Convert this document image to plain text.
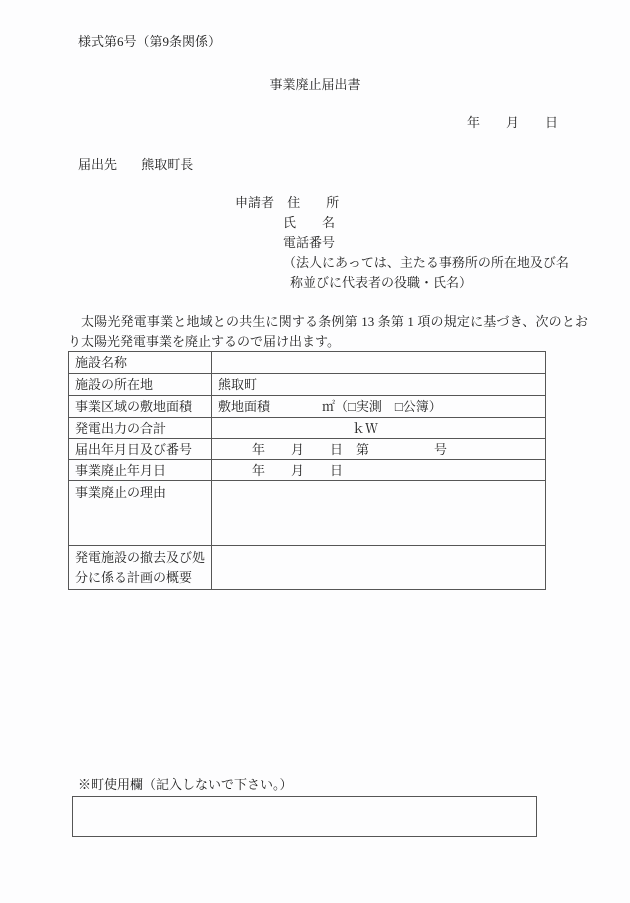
様式第6号（第9条関係）
事業廃止届出書
年　　月　　日
届出先 熊取町長
申請者 住　　所
氏　　名
電話番号
（法人にあっては、主たる事務所の所在地及び名
称並びに代表者の役職・氏名）
太陽光発電事業と地域との共生に関する条例第 13 条第 1 項の規定に基づき、次のとおり太陽光発電事業を廃止するので届け出ます。
施設名称	
施設の所在地	熊取町
事業区域の敷地面積	敷地面積　　　　㎡（□実測　□公簿）
発電出力の合計	ｋＷ
届出年月日及び番号	年　　月　　日　第　　　　　号
事業廃止年月日	年　　月　　日
事業廃止の理由	
発電施設の撤去及び処分に係る計画の概要	
※町使用欄（記入しないで下さい。）
